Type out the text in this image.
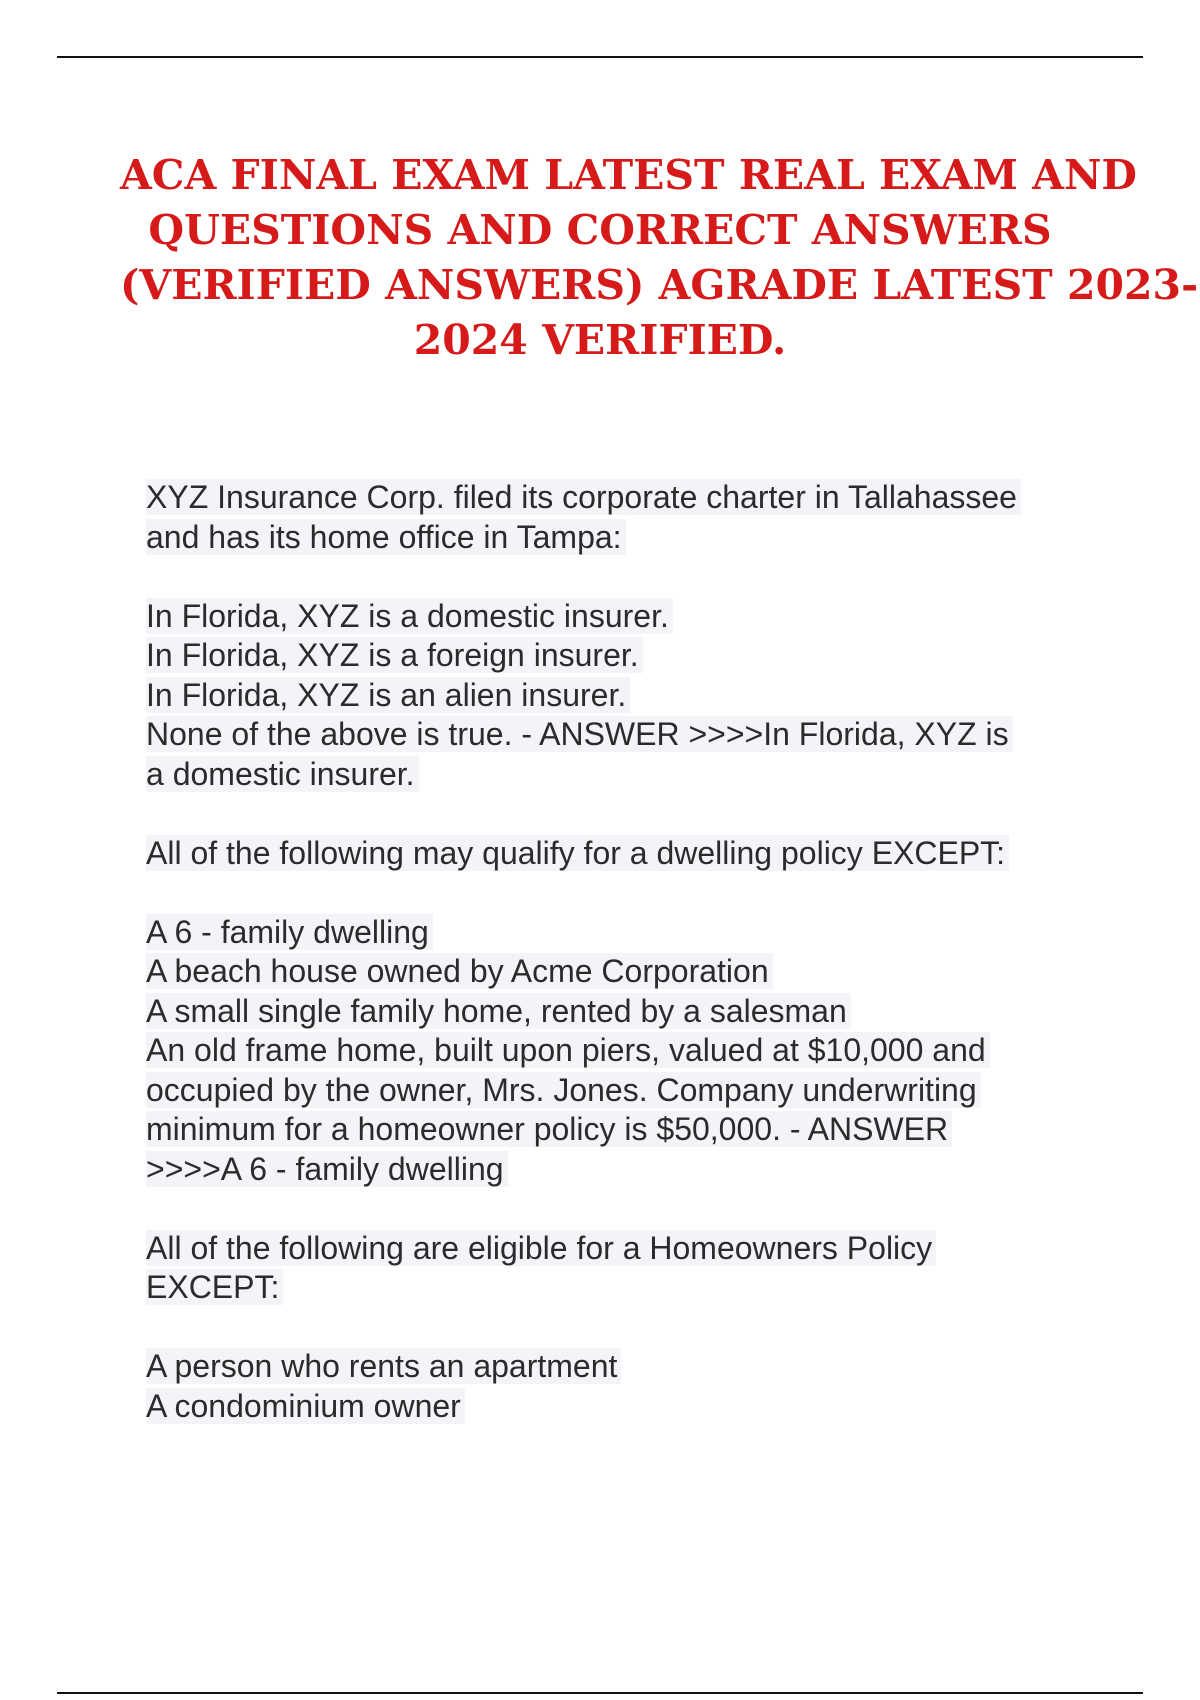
ACA FINAL EXAM LATEST REAL EXAM AND
QUESTIONS AND CORRECT ANSWERS
(VERIFIED ANSWERS) AGRADE LATEST 2023-
2024 VERIFIED.
XYZ Insurance Corp. filed its corporate charter in Tallahassee
and has its home office in Tampa:
In Florida, XYZ is a domestic insurer.
In Florida, XYZ is a foreign insurer.
In Florida, XYZ is an alien insurer.
None of the above is true. - ANSWER >>>>In Florida, XYZ is
a domestic insurer.
All of the following may qualify for a dwelling policy EXCEPT:
A 6 - family dwelling
A beach house owned by Acme Corporation
A small single family home, rented by a salesman
An old frame home, built upon piers, valued at $10,000 and
occupied by the owner, Mrs. Jones. Company underwriting
minimum for a homeowner policy is $50,000. - ANSWER
>>>>A 6 - family dwelling
All of the following are eligible for a Homeowners Policy
EXCEPT:
A person who rents an apartment
A condominium owner
